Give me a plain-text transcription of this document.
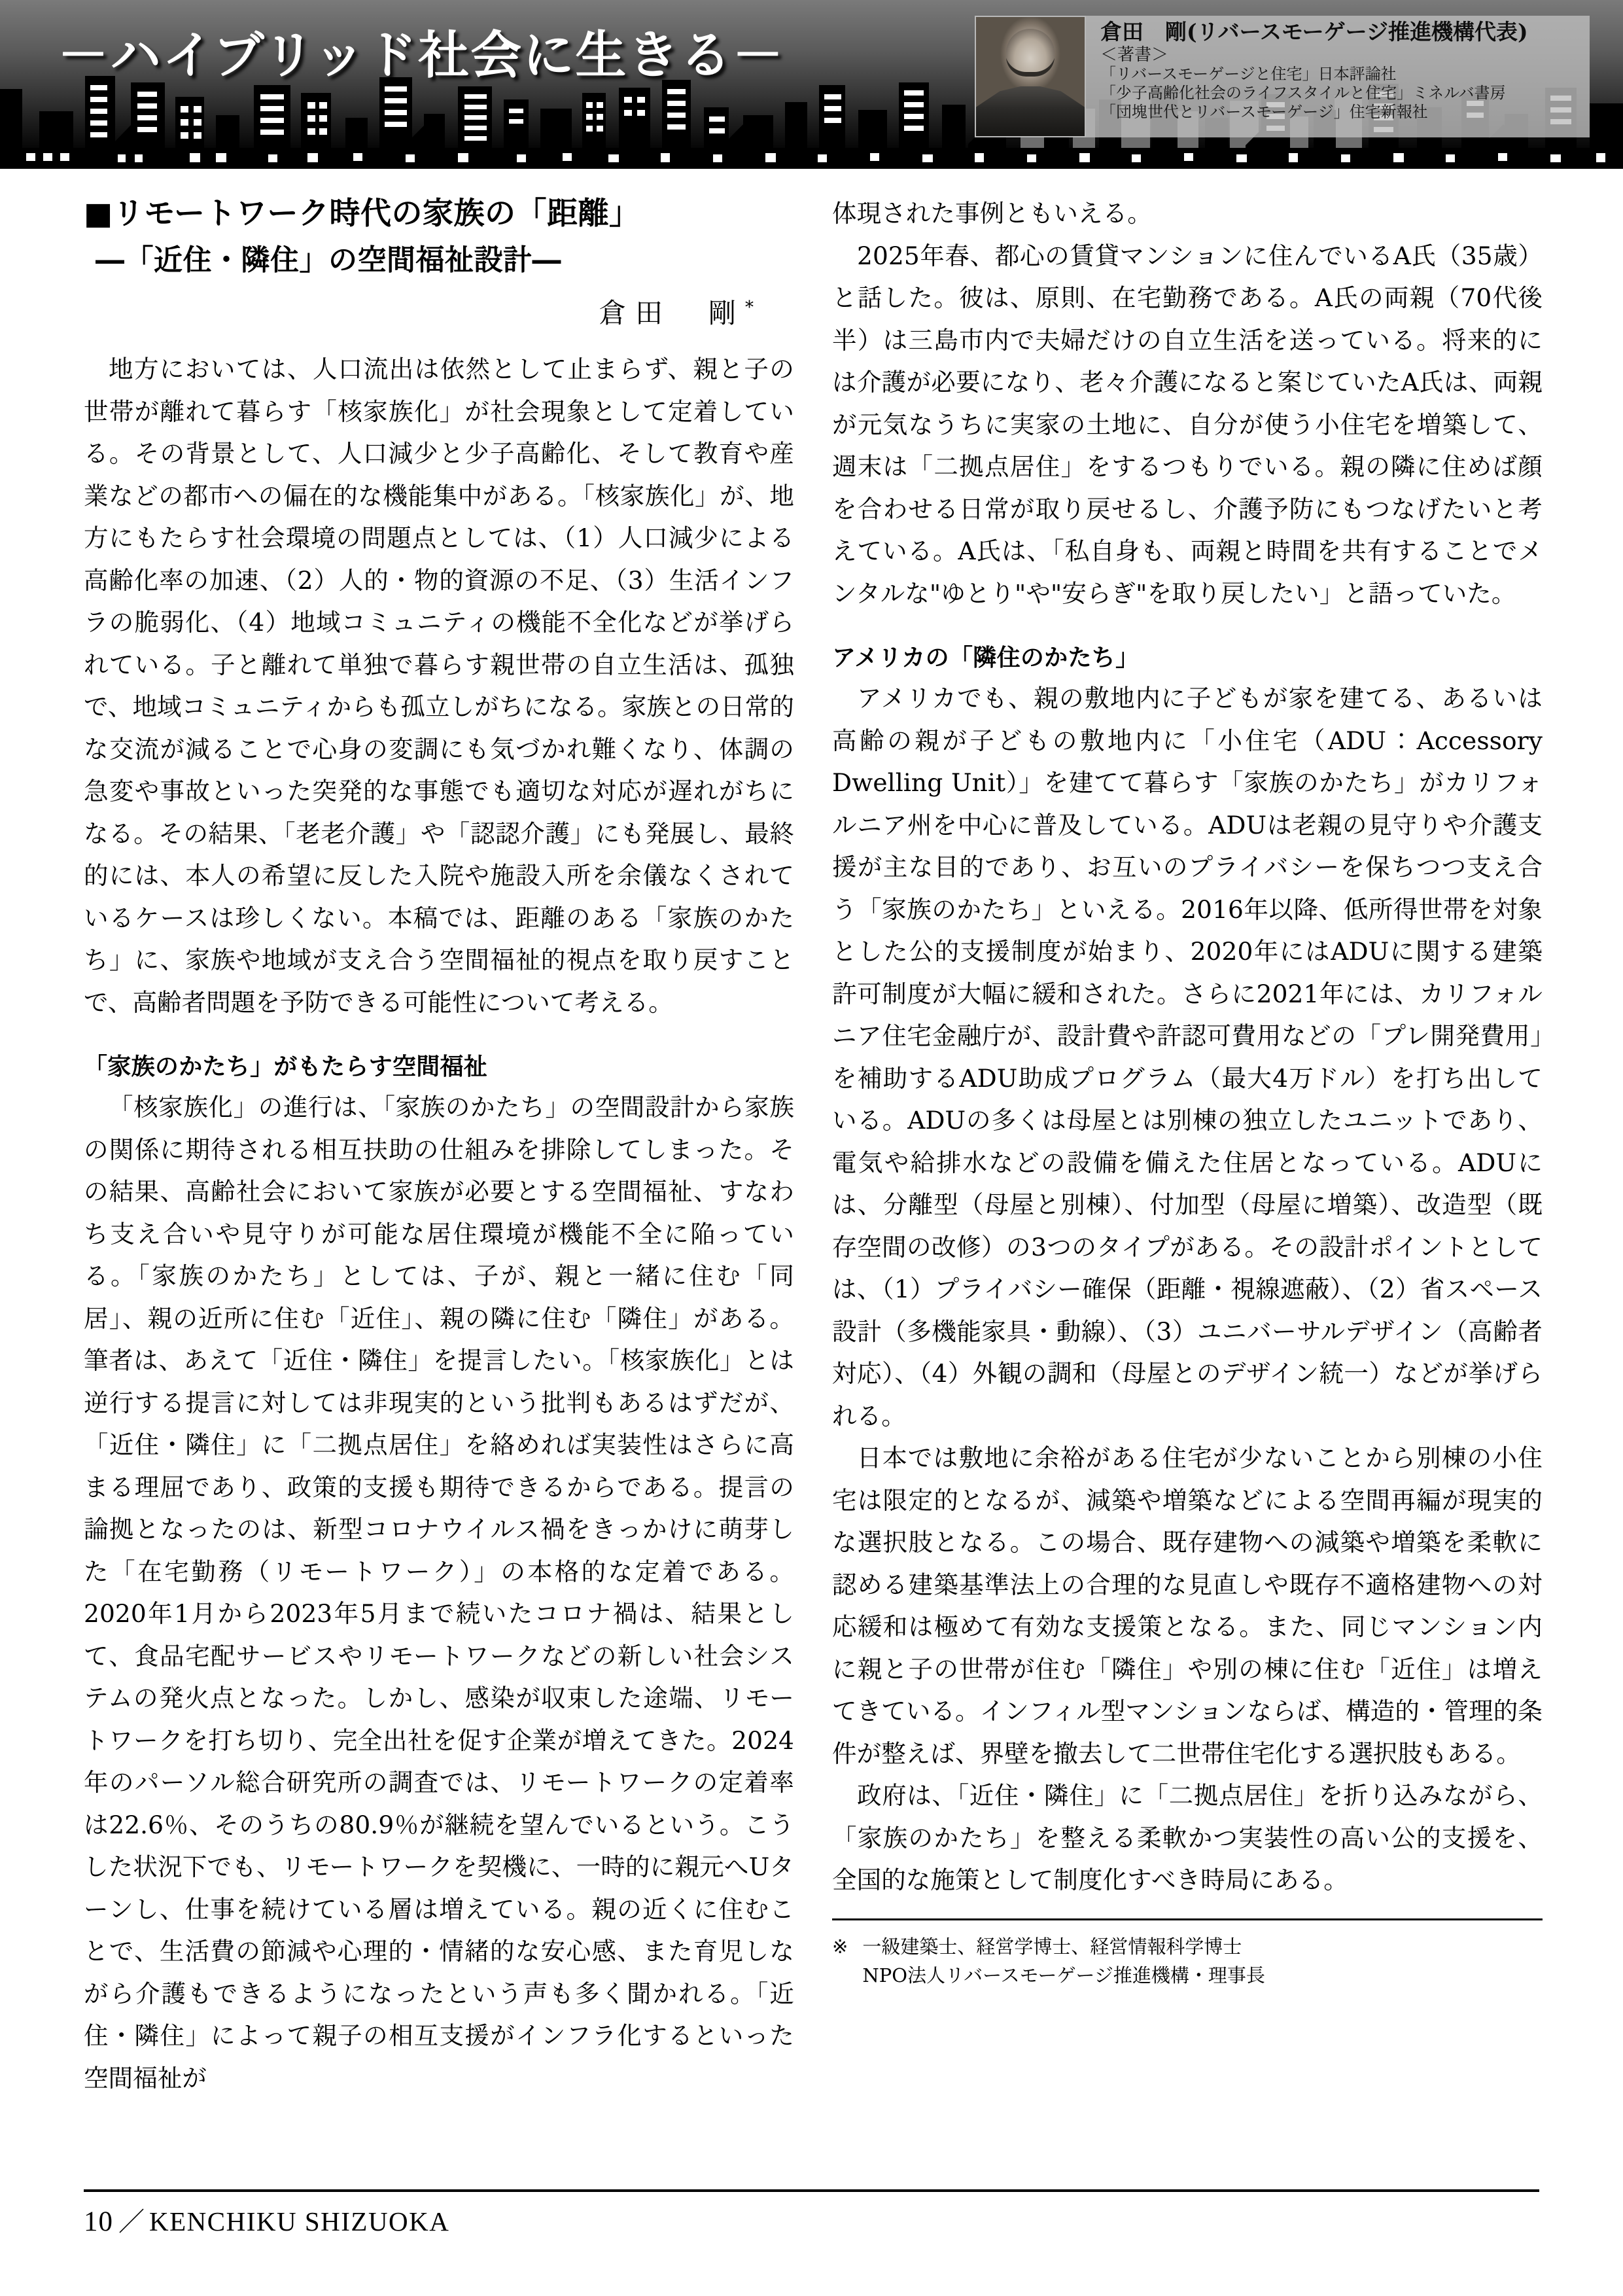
－ハイブリッド社会に生きる－	倉田　剛(リバースモーゲージ推進機構代表)
＜著書＞
「リバースモーゲージと住宅」日本評論社
「少子高齢化社会のライフスタイルと住宅」ミネルバ書房
「団塊世代とリバースモーゲージ」住宅新報社
■リモートワーク時代の家族の「距離」
―「近住・隣住」の空間福祉設計―
倉田　剛*

地方においては、人口流出は依然として止まらず、親と子の世帯が離れて暮らす「核家族化」が社会現象として定着している。その背景として、人口減少と少子高齢化、そして教育や産業などの都市への偏在的な機能集中がある。「核家族化」が、地方にもたらす社会環境の問題点としては、（1）人口減少による高齢化率の加速、（2）人的・物的資源の不足、（3）生活インフラの脆弱化、（4）地域コミュニティの機能不全化などが挙げられている。子と離れて単独で暮らす親世帯の自立生活は、孤独で、地域コミュニティからも孤立しがちになる。家族との日常的な交流が減ることで心身の変調にも気づかれ難くなり、体調の急変や事故といった突発的な事態でも適切な対応が遅れがちになる。その結果、「老老介護」や「認認介護」にも発展し、最終的には、本人の希望に反した入院や施設入所を余儀なくされているケースは珍しくない。本稿では、距離のある「家族のかたち」に、家族や地域が支え合う空間福祉的視点を取り戻すことで、高齢者問題を予防できる可能性について考える。

「家族のかたち」がもたらす空間福祉

「核家族化」の進行は、「家族のかたち」の空間設計から家族の関係に期待される相互扶助の仕組みを排除してしまった。その結果、高齢社会において家族が必要とする空間福祉、すなわち支え合いや見守りが可能な居住環境が機能不全に陥っている。「家族のかたち」としては、子が、親と一緒に住む「同居」、親の近所に住む「近住」、親の隣に住む「隣住」がある。筆者は、あえて「近住・隣住」を提言したい。「核家族化」とは逆行する提言に対しては非現実的という批判もあるはずだが、「近住・隣住」に「二拠点居住」を絡めれば実装性はさらに高まる理屈であり、政策的支援も期待できるからである。提言の論拠となったのは、新型コロナウイルス禍をきっかけに萌芽した「在宅勤務（リモートワーク）」の本格的な定着である。2020年1月から2023年5月まで続いたコロナ禍は、結果として、食品宅配サービスやリモートワークなどの新しい社会システムの発火点となった。しかし、感染が収束した途端、リモートワークを打ち切り、完全出社を促す企業が増えてきた。2024年のパーソル総合研究所の調査では、リモートワークの定着率は22.6％、そのうちの80.9％が継続を望んでいるという。こうした状況下でも、リモートワークを契機に、一時的に親元へUターンし、仕事を続けている層は増えている。親の近くに住むことで、生活費の節減や心理的・情緒的な安心感、また育児しながら介護もできるようになったという声も多く聞かれる。「近住・隣住」によって親子の相互支援がインフラ化するといった空間福祉が

体現された事例ともいえる。

2025年春、都心の賃貸マンションに住んでいるA氏（35歳）と話した。彼は、原則、在宅勤務である。A氏の両親（70代後半）は三島市内で夫婦だけの自立生活を送っている。将来的には介護が必要になり、老々介護になると案じていたA氏は、両親が元気なうちに実家の土地に、自分が使う小住宅を増築して、週末は「二拠点居住」をするつもりでいる。親の隣に住めば顔を合わせる日常が取り戻せるし、介護予防にもつなげたいと考えている。A氏は、「私自身も、両親と時間を共有することでメンタルな"ゆとり"や"安らぎ"を取り戻したい」と語っていた。

アメリカの「隣住のかたち」

アメリカでも、親の敷地内に子どもが家を建てる、あるいは高齢の親が子どもの敷地内に「小住宅（ADU：Accessory Dwelling Unit）」を建てて暮らす「家族のかたち」がカリフォルニア州を中心に普及している。ADUは老親の見守りや介護支援が主な目的であり、お互いのプライバシーを保ちつつ支え合う「家族のかたち」といえる。2016年以降、低所得世帯を対象とした公的支援制度が始まり、2020年にはADUに関する建築許可制度が大幅に緩和された。さらに2021年には、カリフォルニア住宅金融庁が、設計費や許認可費用などの「プレ開発費用」を補助するADU助成プログラム（最大4万ドル）を打ち出している。ADUの多くは母屋とは別棟の独立したユニットであり、電気や給排水などの設備を備えた住居となっている。ADUには、分離型（母屋と別棟）、付加型（母屋に増築）、改造型（既存空間の改修）の3つのタイプがある。その設計ポイントとしては、（1）プライバシー確保（距離・視線遮蔽）、（2）省スペース設計（多機能家具・動線）、（3）ユニバーサルデザイン（高齢者対応）、（4）外観の調和（母屋とのデザイン統一）などが挙げられる。

日本では敷地に余裕がある住宅が少ないことから別棟の小住宅は限定的となるが、減築や増築などによる空間再編が現実的な選択肢となる。この場合、既存建物への減築や増築を柔軟に認める建築基準法上の合理的な見直しや既存不適格建物への対応緩和は極めて有効な支援策となる。また、同じマンション内に親と子の世帯が住む「隣住」や別の棟に住む「近住」は増えてきている。インフィル型マンションならば、構造的・管理的条件が整えば、界壁を撤去して二世帯住宅化する選択肢もある。

政府は、「近住・隣住」に「二拠点居住」を折り込みながら、「家族のかたち」を整える柔軟かつ実装性の高い公的支援を、全国的な施策として制度化すべき時局にある。

※ 一級建築士、経営学博士、経営情報科学博士
NPO法人リバースモーゲージ推進機構・理事長
10 ／ KENCHIKU SHIZUOKA
